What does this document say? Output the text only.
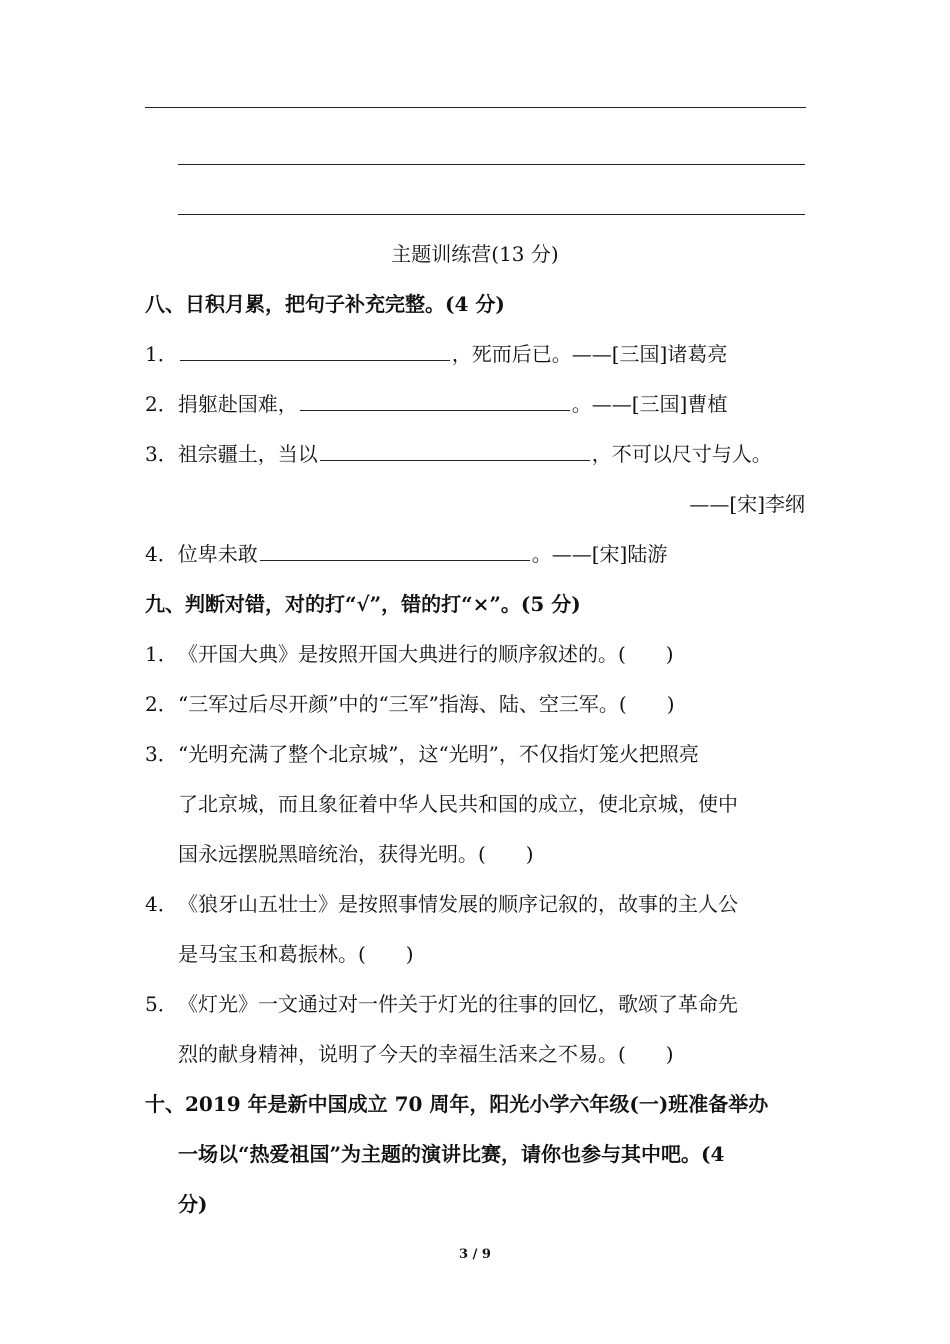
主题训练营(13 分)
八、日积月累，把句子补充完整。(4 分)
1．	，死而后已。——[三国]诸葛亮
2．捐躯赴国难，	。——[三国]曹植
3．祖宗疆土，当以	，不可以尺寸与人。
——[宋]李纲
4．位卑未敢	。——[宋]陆游
九、判断对错，对的打“√”，错的打“×”。(5 分)
1． 《开国大典》是按照开国大典进行的顺序叙述的。(　　)
2． “三军过后尽开颜”中的“三军”指海、陆、空三军。(　　)
3． “光明充满了整个北京城”，这“光明”，不仅指灯笼火把照亮
了北京城，而且象征着中华人民共和国的成立，使北京城，使中
国永远摆脱黑暗统治，获得光明。(　　)
4． 《狼牙山五壮士》是按照事情发展的顺序记叙的，故事的主人公
是马宝玉和葛振林。(　　)
5． 《灯光》一文通过对一件关于灯光的往事的回忆，歌颂了革命先
烈的献身精神，说明了今天的幸福生活来之不易。(　　)
十、2019 年是新中国成立 70 周年，阳光小学六年级(一)班准备举办
一场以“热爱祖国”为主题的演讲比赛，请你也参与其中吧。(4
分)
3 / 9
